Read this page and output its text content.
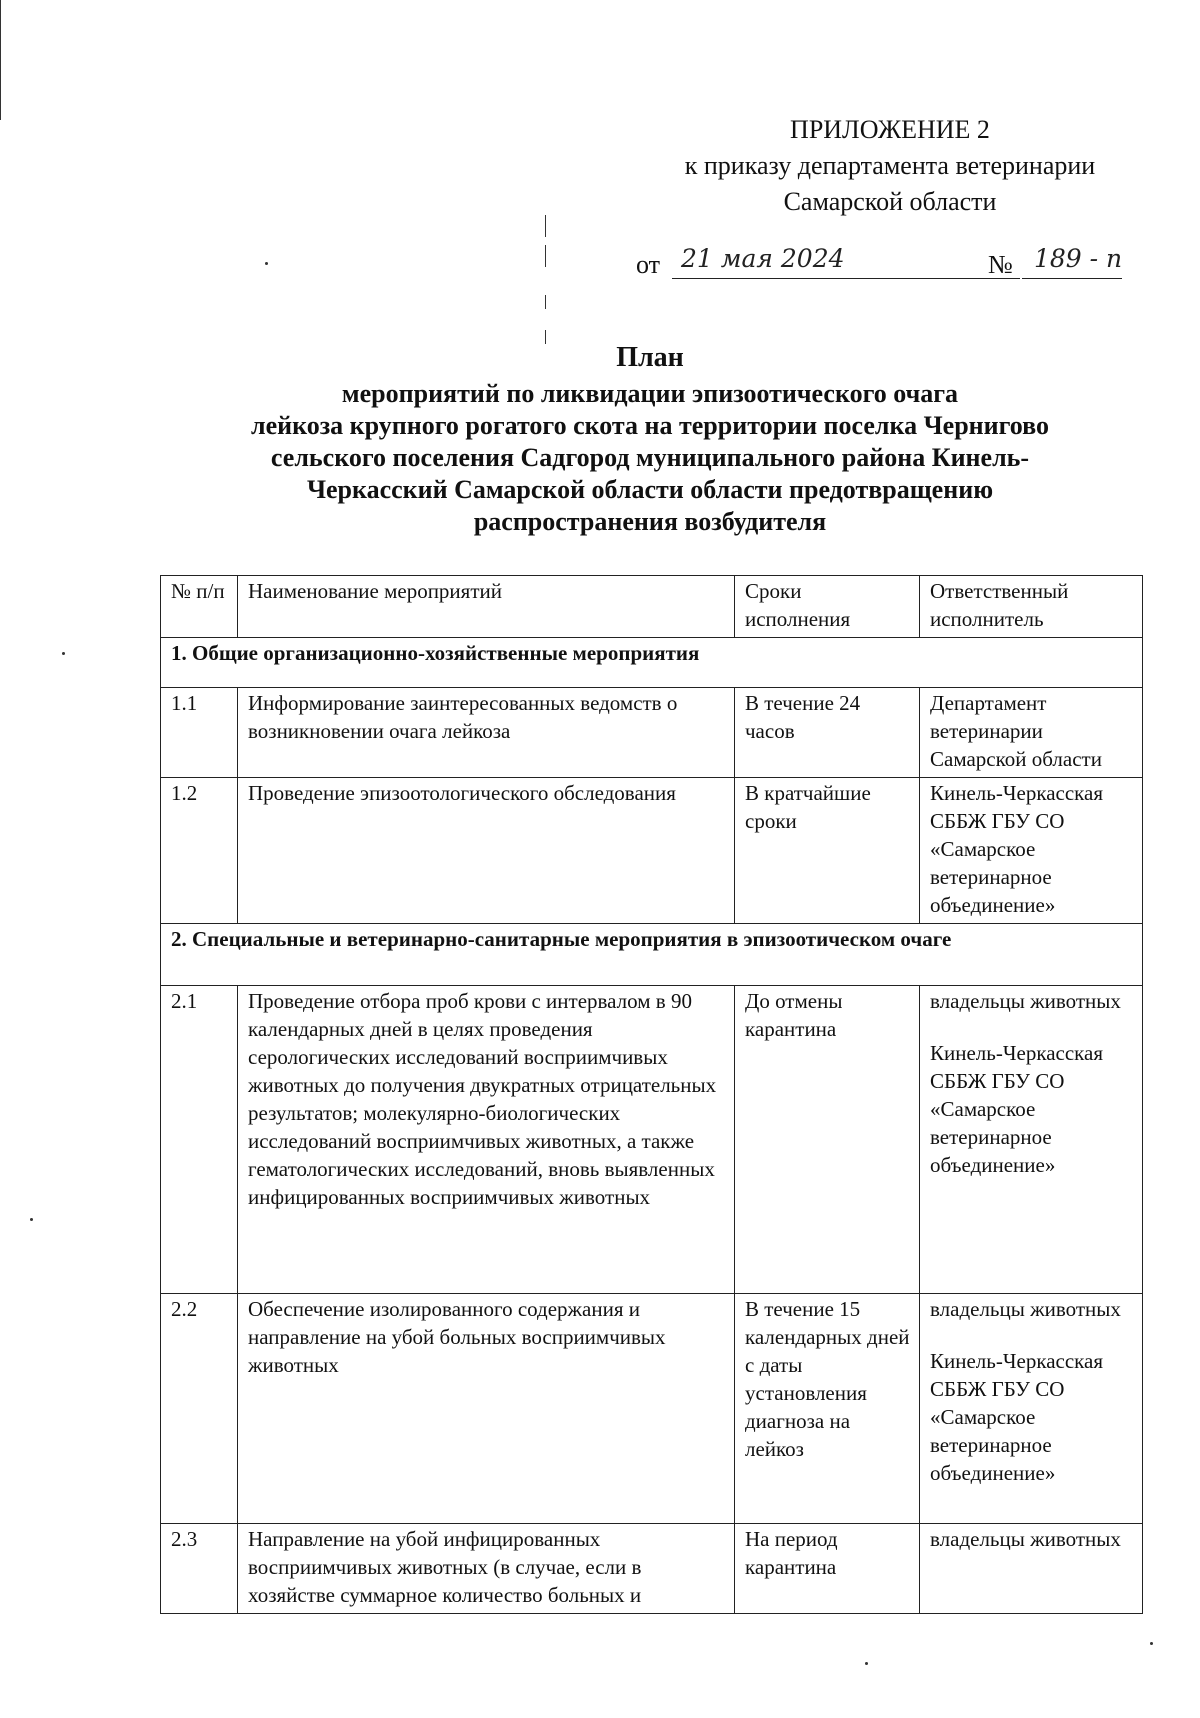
ПРИЛОЖЕНИЕ 2
к приказу департамента ветеринарии
Самарской области
от 21 мая 2024	№ 189 - п
План
мероприятий по ликвидации эпизоотического очага
лейкоза крупного рогатого скота на территории поселка Чернигово
сельского поселения Садгород муниципального района Кинель-
Черкасский Самарской области области предотвращению
распространения возбудителя
№ п/п	Наименование мероприятий	Сроки исполнения	Ответственный исполнитель
1. Общие организационно-хозяйственные мероприятия			
1.1	Информирование заинтересованных ведомств о возникновении очага лейкоза	В течение 24 часов	Департамент ветеринарии Самарской области
1.2	Проведение эпизоотологического обследования	В кратчайшие сроки	Кинель-Черкасская СББЖ ГБУ СО «Самарское ветеринарное объединение»
2. Специальные и ветеринарно-санитарные мероприятия в эпизоотическом очаге			
2.1	Проведение отбора проб крови с интервалом в 90 календарных дней в целях проведения серологических исследований восприимчивых животных до получения двукратных отрицательных результатов; молекулярно-биологических исследований восприимчивых животных, а также гематологических исследований, вновь выявленных инфицированных восприимчивых животных	До отмены карантина	владельцы животных
Кинель-Черкасская СББЖ ГБУ СО «Самарское ветеринарное объединение»

2.2	Обеспечение изолированного содержания и направление на убой больных восприимчивых животных	В течение 15 календарных дней с даты установления диагноза на лейкоз	владельцы животных
Кинель-Черкасская СББЖ ГБУ СО «Самарское ветеринарное объединение»

2.3	Направление на убой инфицированных восприимчивых животных (в случае, если в хозяйстве суммарное количество больных и	На период карантина	владельцы животных
